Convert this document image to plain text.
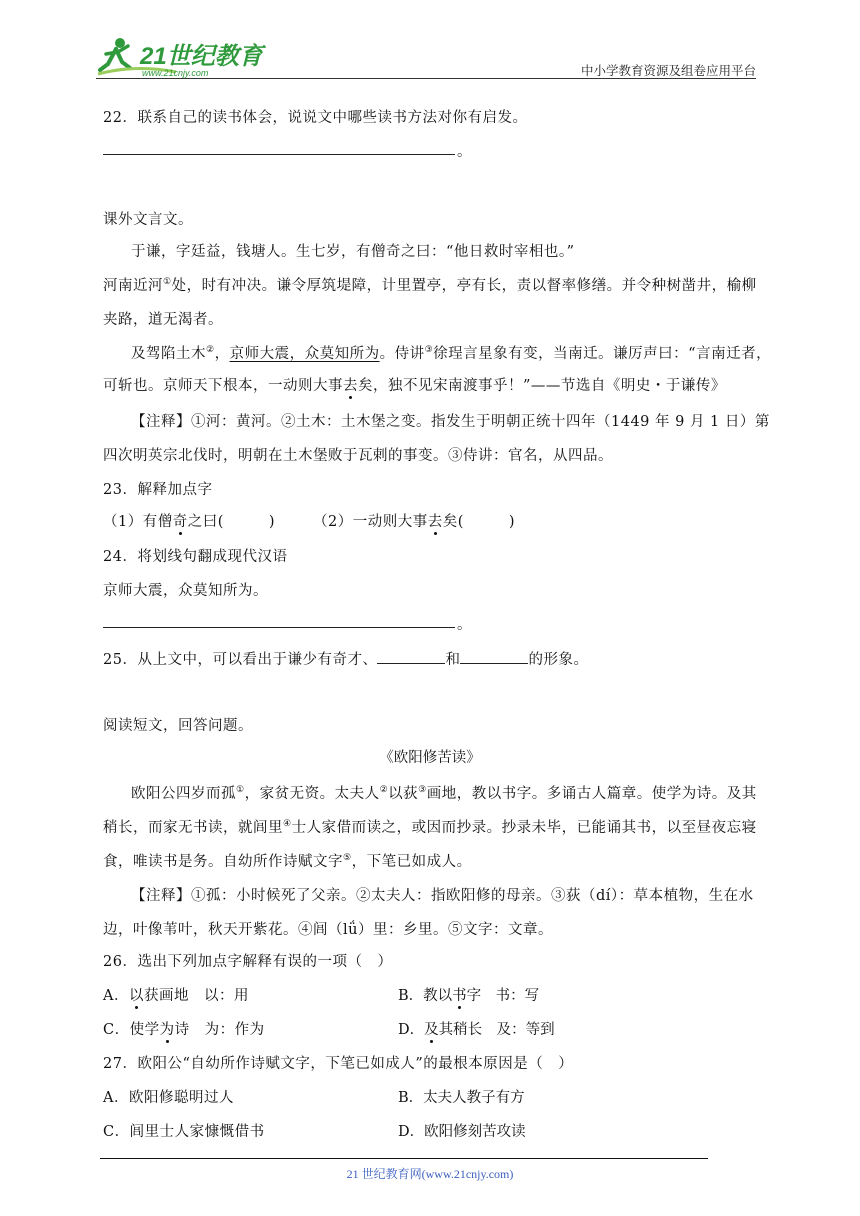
21世纪教育
www.21cnjy.com	中小学教育资源及组卷应用平台
22．联系自己的读书体会，说说文中哪些读书方法对你有启发。
。
课外文言文。
于谦，字廷益，钱塘人。生七岁，有僧奇之曰：“他日救时宰相也。”
河南近河①处，时有冲决。谦令厚筑堤障，计里置亭，亭有长，责以督率修缮。并令种树凿井，榆柳
夹路，道无渴者。
及驾陷土木②，京师大震，众莫知所为。侍讲③徐珵言星象有变，当南迁。谦厉声曰：“言南迁者，
可斩也。京师天下根本，一动则大事去矣，独不见宋南渡事乎！”——节选自《明史・于谦传》
【注释】①河：黄河。②土木：土木堡之变。指发生于明朝正统十四年（1449 年 9 月 1 日）第
四次明英宗北伐时，明朝在土木堡败于瓦剌的事变。③侍讲：官名，从四品。
23．解释加点字
（1）有僧奇之曰(　　　)	（2）一动则大事去矣(　　　)
24．将划线句翻成现代汉语
京师大震，众莫知所为。
。
25．从上文中，可以看出于谦少有奇才、	和	的形象。
阅读短文，回答问题。
《欧阳修苦读》
欧阳公四岁而孤①，家贫无资。太夫人②以荻③画地，教以书字。多诵古人篇章。使学为诗。及其
稍长，而家无书读，就闾里④士人家借而读之，或因而抄录。抄录未毕，已能诵其书，以至昼夜忘寝
食，唯读书是务。自幼所作诗赋文字⑤，下笔已如成人。
【注释】①孤：小时候死了父亲。②太夫人：指欧阳修的母亲。③荻（dí）：草本植物，生在水
边，叶像苇叶，秋天开紫花。④闾（lǘ）里：乡里。⑤文字：文章。
26．选出下列加点字解释有误的一项（　）
A．以获画地　以：用	B．教以书字　书：写
C．使学为诗　为：作为	D．及其稍长　及：等到
27．欧阳公“自幼所作诗赋文字，下笔已如成人”的最根本原因是（　）
A．欧阳修聪明过人	B．太夫人教子有方
C．闾里士人家慷慨借书	D．欧阳修刻苦攻读
21 世纪教育网(www.21cnjy.com)
